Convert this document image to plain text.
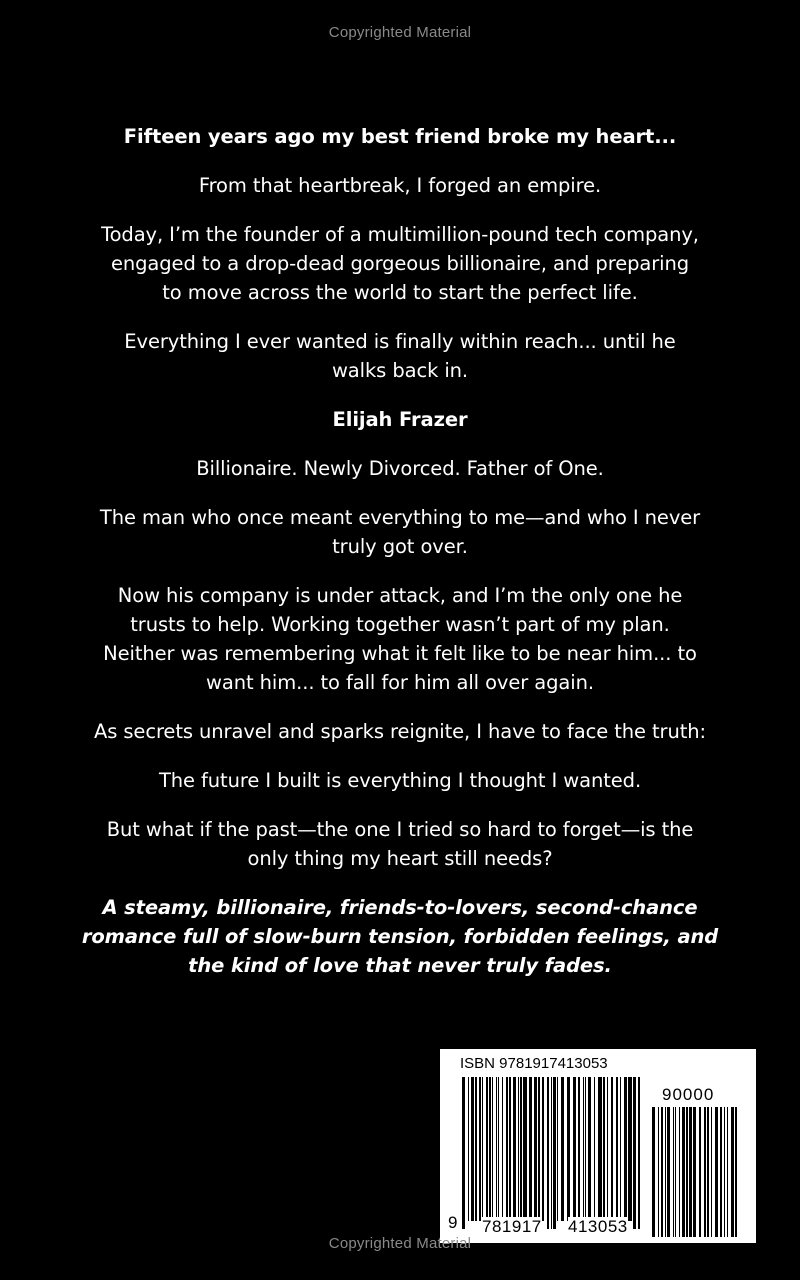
Copyrighted Material

Fifteen years ago my best friend broke my heart...

From that heartbreak, I forged an empire.

Today, I’m the founder of a multimillion-pound tech company,
engaged to a drop-dead gorgeous billionaire, and preparing
to move across the world to start the perfect life.

Everything I ever wanted is finally within reach... until he
walks back in.

Elijah Frazer

Billionaire. Newly Divorced. Father of One.

The man who once meant everything to me—and who I never
truly got over.

Now his company is under attack, and I’m the only one he
trusts to help. Working together wasn’t part of my plan.
Neither was remembering what it felt like to be near him... to
want him... to fall for him all over again.

As secrets unravel and sparks reignite, I have to face the truth:

The future I built is everything I thought I wanted.

But what if the past—the one I tried so hard to forget—is the
only thing my heart still needs?

A steamy, billionaire, friends-to-lovers, second-chance
romance full of slow-burn tension, forbidden feelings, and
the kind of love that never truly fades.

ISBN 9781917413053
90000
9 781917 413053
Copyrighted Material
